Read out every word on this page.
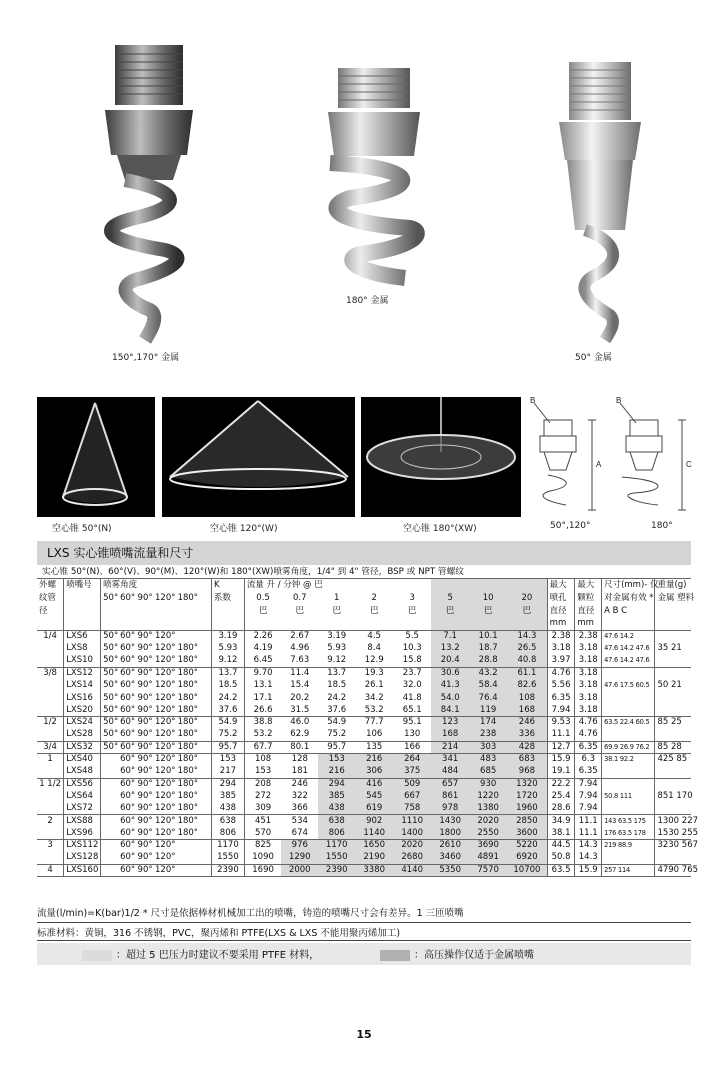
150°,170° 金属
180° 金属
50° 金属
空心锥 50°(N)	空心锥 120°(W)	空心锥 180°(XW)
B
A
50°,120°
B
C
180°
LXS 实心锥喷嘴流量和尺寸
实心锥 50°(N)、60°(V)、90°(M)、120°(W)和 180°(XW)喷雾角度，1/4" 到 4" 管径，BSP 或 NPT 管螺纹
外螺	喷嘴号	喷雾角度					K	流量 升 / 分钟 @ 巴								最大	最大	尺寸(mm)- 仅	重量(g)
纹管		50°	60°	90°	120°	180°	系数	0.5	0.7	1	2	3	5	10	20	喷孔	颗粒	对金属有效 *	金属 塑料
径								巴	巴	巴	巴	巴	巴	巴	巴	直径	直径	A B C	
																mm	mm		
1/4	LXS6	50°	60°	90°	120°		3.19	2.26	2.67	3.19	4.5	5.5	7.1	10.1	14.3	2.38	2.38	47.6 14.2	
	LXS8	50°	60°	90°	120°	180°	5.93	4.19	4.96	5.93	8.4	10.3	13.2	18.7	26.5	3.18	3.18	47.6 14.2 47.6	35 21
	LXS10	50°	60°	90°	120°	180°	9.12	6.45	7.63	9.12	12.9	15.8	20.4	28.8	40.8	3.97	3.18	47.6 14.2 47.6	
3/8	LXS12	50°	60°	90°	120°	180°	13.7	9.70	11.4	13.7	19.3	23.7	30.6	43.2	61.1	4.76	3.18		
	LXS14	50°	60°	90°	120°	180°	18.5	13.1	15.4	18.5	26.1	32.0	41.3	58.4	82.6	5.56	3.18	47.6 17.5 60.5	50 21
	LXS16	50°	60°	90°	120°	180°	24.2	17.1	20.2	24.2	34.2	41.8	54.0	76.4	108	6.35	3.18		
	LXS20	50°	60°	90°	120°	180°	37.6	26.6	31.5	37.6	53.2	65.1	84.1	119	168	7.94	3.18		
1/2	LXS24	50°	60°	90°	120°	180°	54.9	38.8	46.0	54.9	77.7	95.1	123	174	246	9.53	4.76	63.5 22.4 60.5	85 25
	LXS28	50°	60°	90°	120°	180°	75.2	53.2	62.9	75.2	106	130	168	238	336	11.1	4.76		
3/4	LXS32	50°	60°	90°	120°	180°	95.7	67.7	80.1	95.7	135	166	214	303	428	12.7	6.35	69.9 26.9 76.2	85 28
1	LXS40		60°	90°	120°	180°	153	108	128	153	216	264	341	483	683	15.9	6.3	38.1 92.2	425 85
	LXS48		60°	90°	120°	180°	217	153	181	216	306	375	484	685	968	19.1	6.35		
1 1/2	LXS56		60°	90°	120°	180°	294	208	246	294	416	509	657	930	1320	22.2	7.94		
	LXS64		60°	90°	120°	180°	385	272	322	385	545	667	861	1220	1720	25.4	7.94	50.8 111	851 170
	LXS72		60°	90°	120°	180°	438	309	366	438	619	758	978	1380	1960	28.6	7.94		
2	LXS88		60°	90°	120°	180°	638	451	534	638	902	1110	1430	2020	2850	34.9	11.1	143 63.5 175	1300 227
	LXS96		60°	90°	120°	180°	806	570	674	806	1140	1400	1800	2550	3600	38.1	11.1	176 63.5 178	1530 255
3	LXS112		60°	90°	120°		1170	825	976	1170	1650	2020	2610	3690	5220	44.5	14.3	219 88.9	3230 567
	LXS128		60°	90°	120°		1550	1090	1290	1550	2190	2680	3460	4891	6920	50.8	14.3		
4	LXS160		60°	90°	120°		2390	1690	2000	2390	3380	4140	5350	7570	10700	63.5	15.9	257 114	4790 765
流量(l/min)=K(bar)1/2 * 尺寸是依据棒材机械加工出的喷嘴，铸造的喷嘴尺寸会有差异。1 三匝喷嘴
标准材料：黄铜，316 不锈钢，PVC，聚丙烯和 PTFE(LXS & LXS 不能用聚丙烯加工)
：超过 5 巴压力时建议不要采用 PTFE 材料，	：高压操作仅适于金属喷嘴
15
